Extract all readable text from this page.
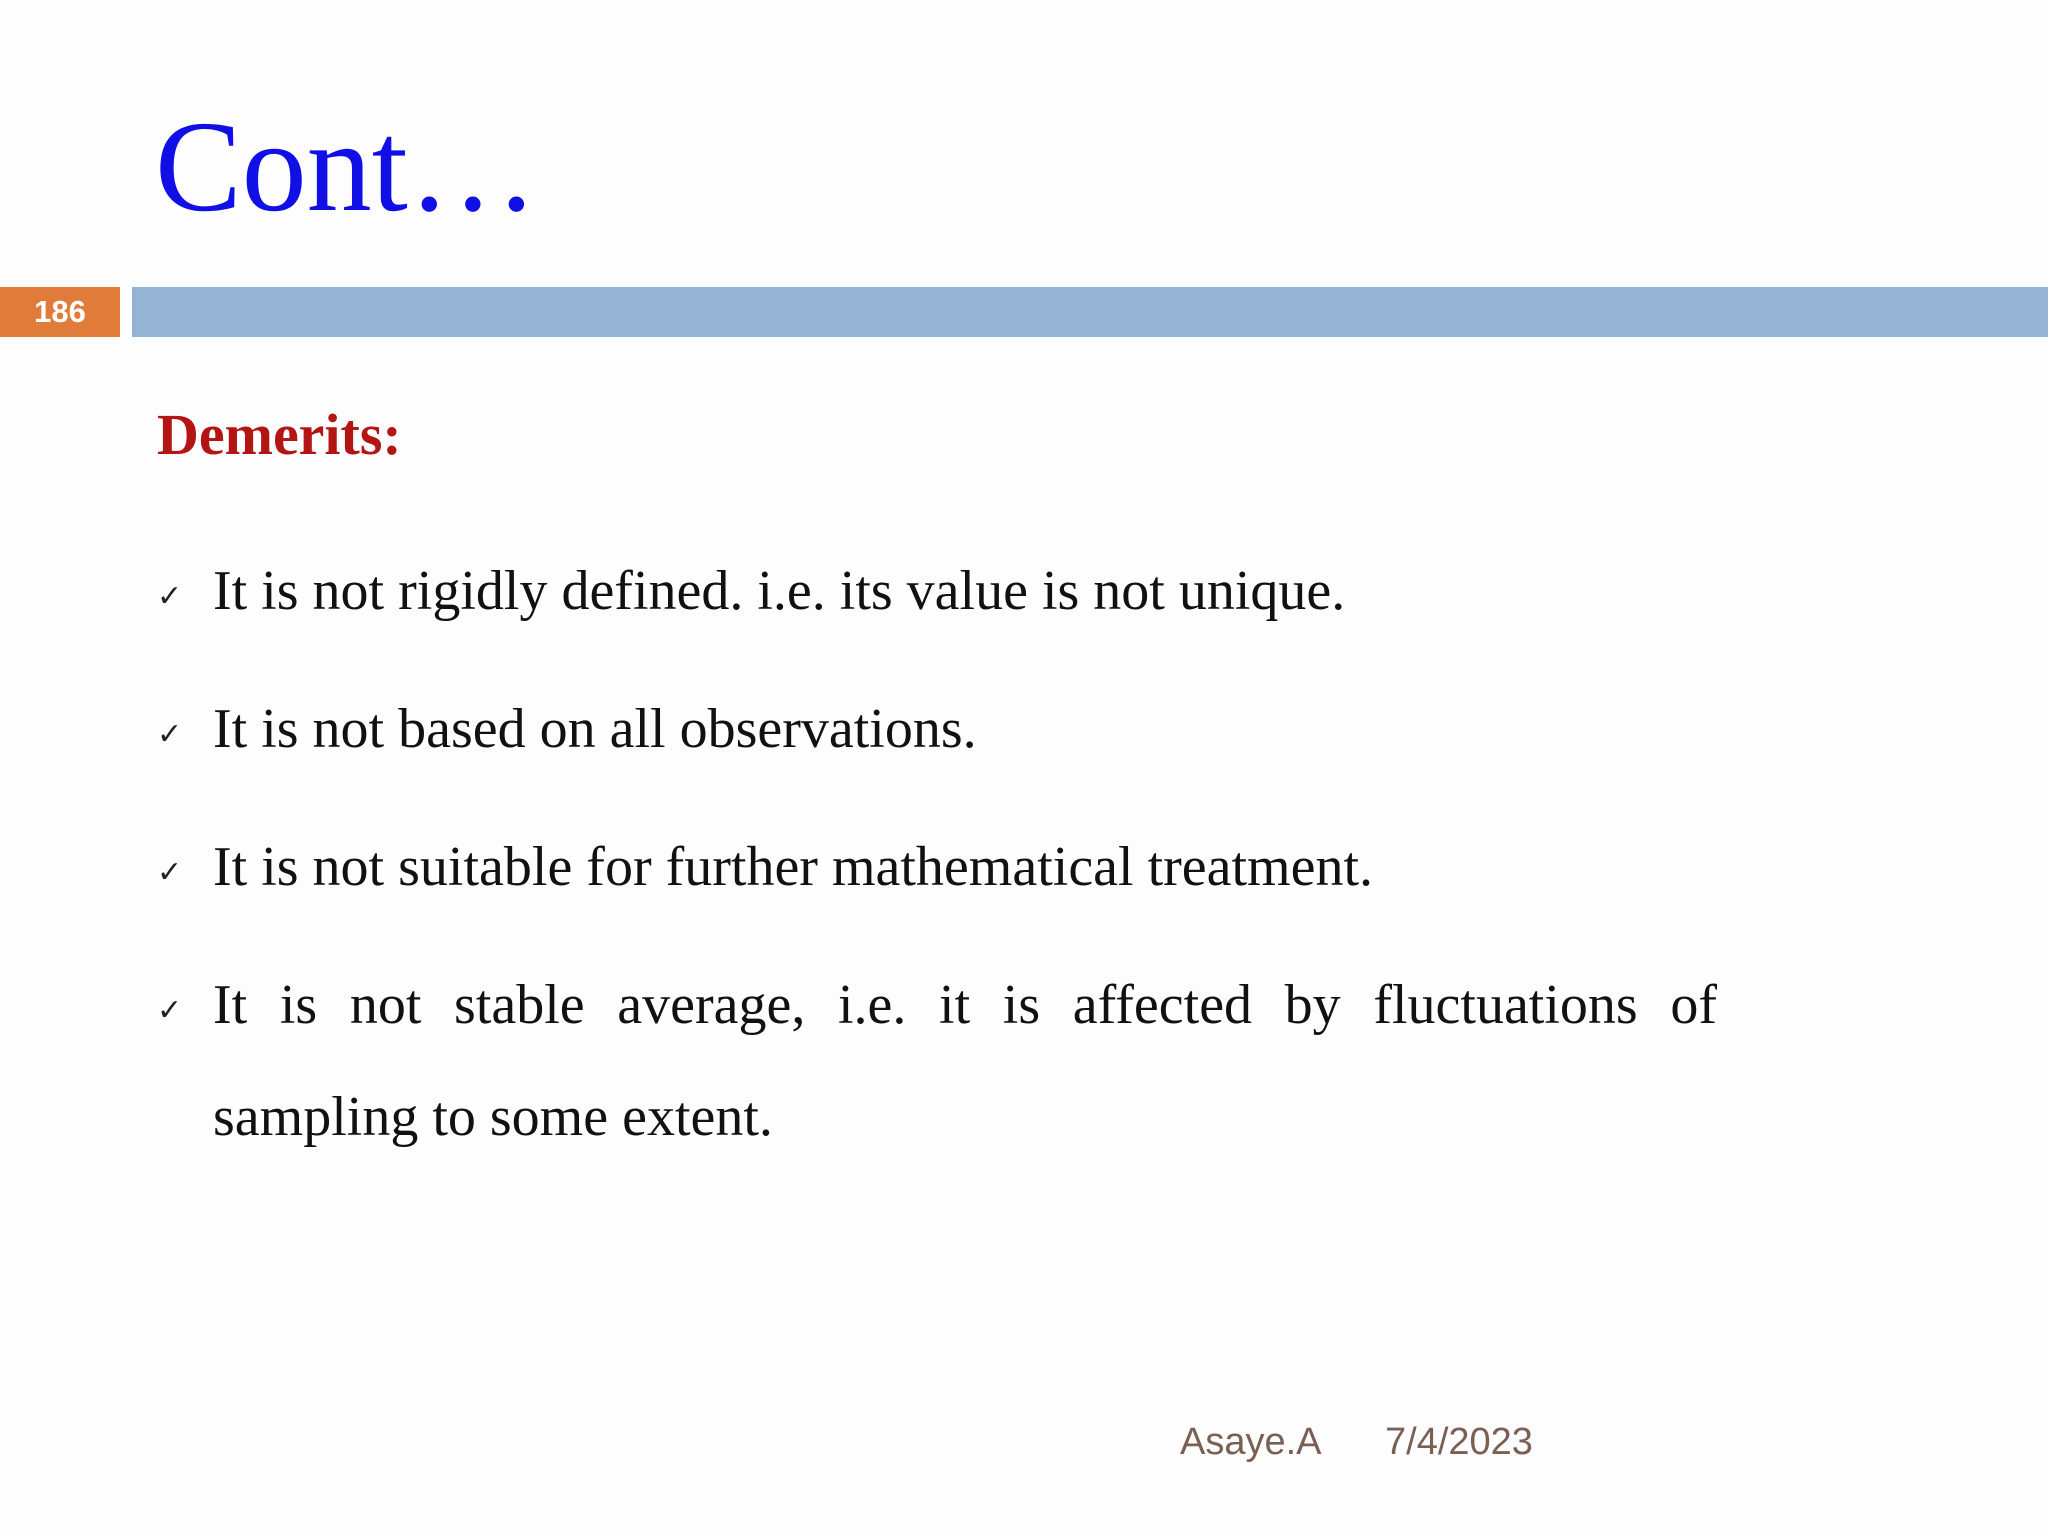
Cont…
186
Demerits:
✓ It is not rigidly defined. i.e. its value is not unique.
✓ It is not based on all observations.
✓ It is not suitable for further mathematical treatment.
✓ It is not stable average, i.e. it is affected by fluctuations of sampling to some extent.
Asaye.A 7/4/2023
